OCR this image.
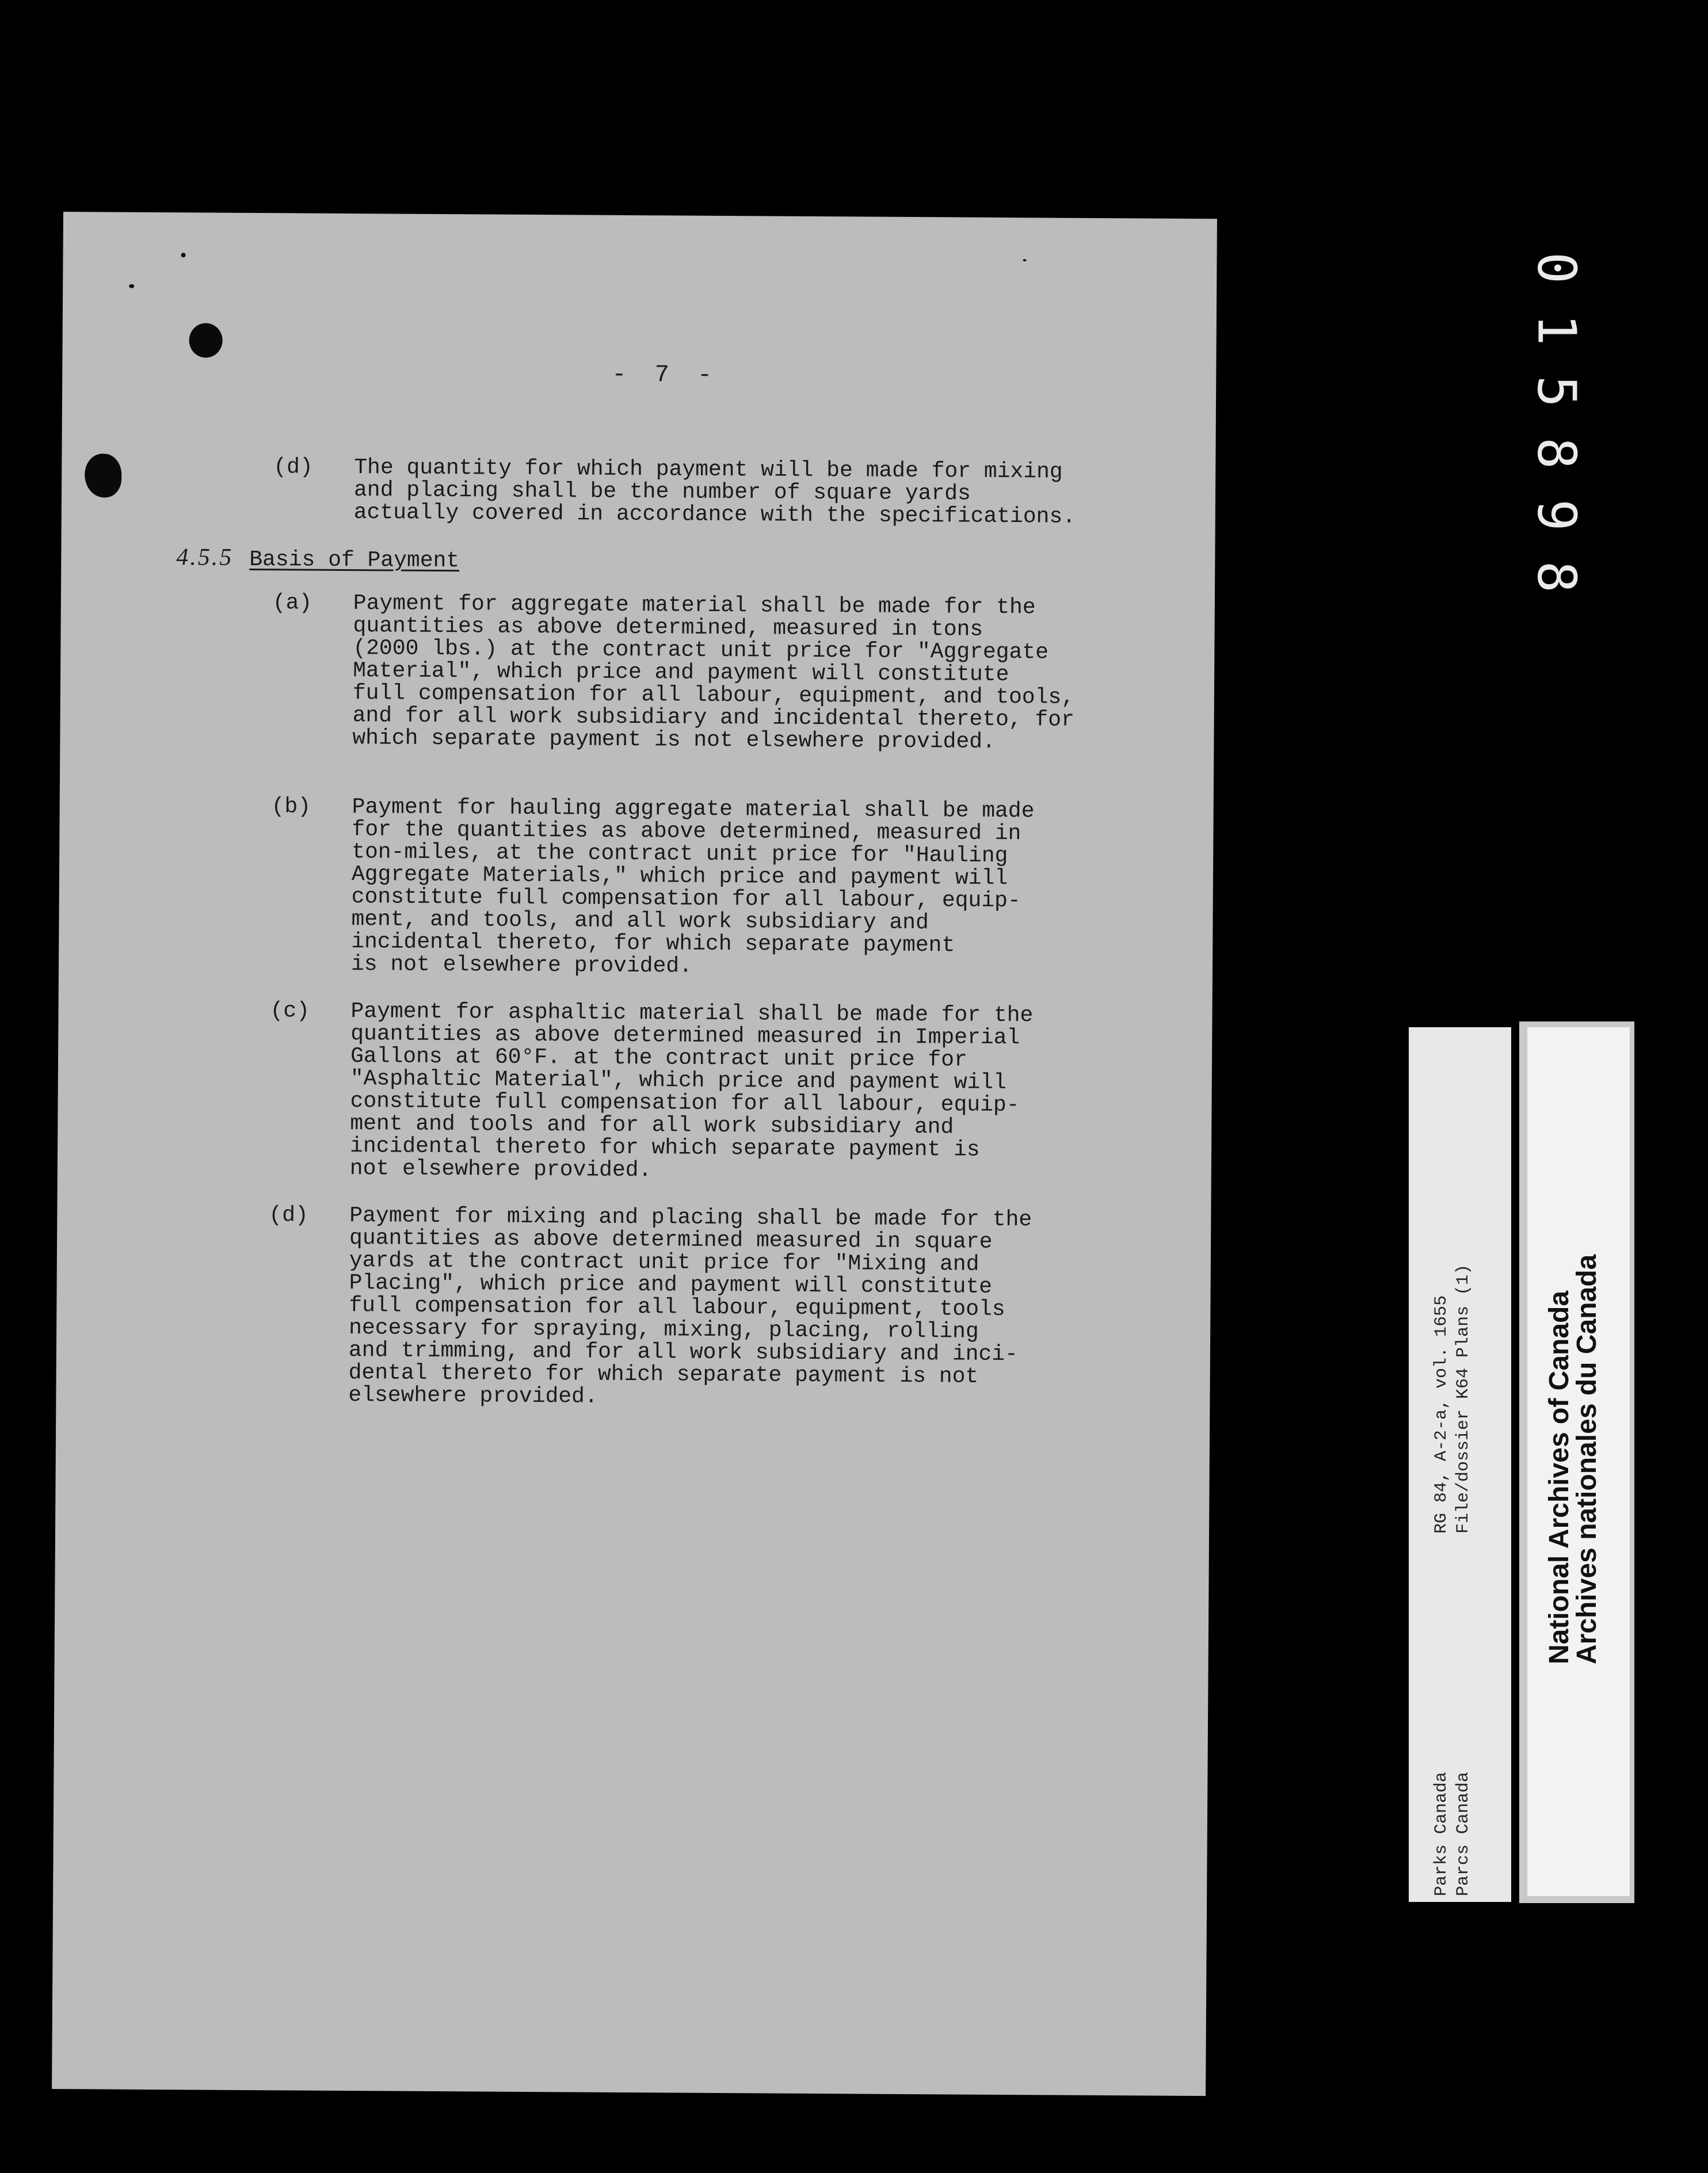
- 7 -
(d) The quantity for which payment will be made for mixing
and placing shall be the number of square yards
actually covered in accordance with the specifications.
4.5.5 Basis of Payment
(a) Payment for aggregate material shall be made for the
quantities as above determined, measured in tons
(2000 lbs.) at the contract unit price for "Aggregate
Material", which price and payment will constitute
full compensation for all labour, equipment, and tools,
and for all work subsidiary and incidental thereto, for
which separate payment is not elsewhere provided.
(b) Payment for hauling aggregate material shall be made
for the quantities as above determined, measured in
ton-miles, at the contract unit price for "Hauling
Aggregate Materials," which price and payment will
constitute full compensation for all labour, equip-
ment, and tools, and all work subsidiary and
incidental thereto, for which separate payment
is not elsewhere provided.
(c) Payment for asphaltic material shall be made for the
quantities as above determined measured in Imperial
Gallons at 60°F. at the contract unit price for
"Asphaltic Material", which price and payment will
constitute full compensation for all labour, equip-
ment and tools and for all work subsidiary and
incidental thereto for which separate payment is
not elsewhere provided.
(d) Payment for mixing and placing shall be made for the
quantities as above determined measured in square
yards at the contract unit price for "Mixing and
Placing", which price and payment will constitute
full compensation for all labour, equipment, tools
necessary for spraying, mixing, placing, rolling
and trimming, and for all work subsidiary and inci-
dental thereto for which separate payment is not
elsewhere provided.
015898
RG 84, A-2-a, vol. 1655 File/dossier K64 Plans (1)
Parks Canada Parcs Canada
National Archives of Canada
Archives nationales du Canada
